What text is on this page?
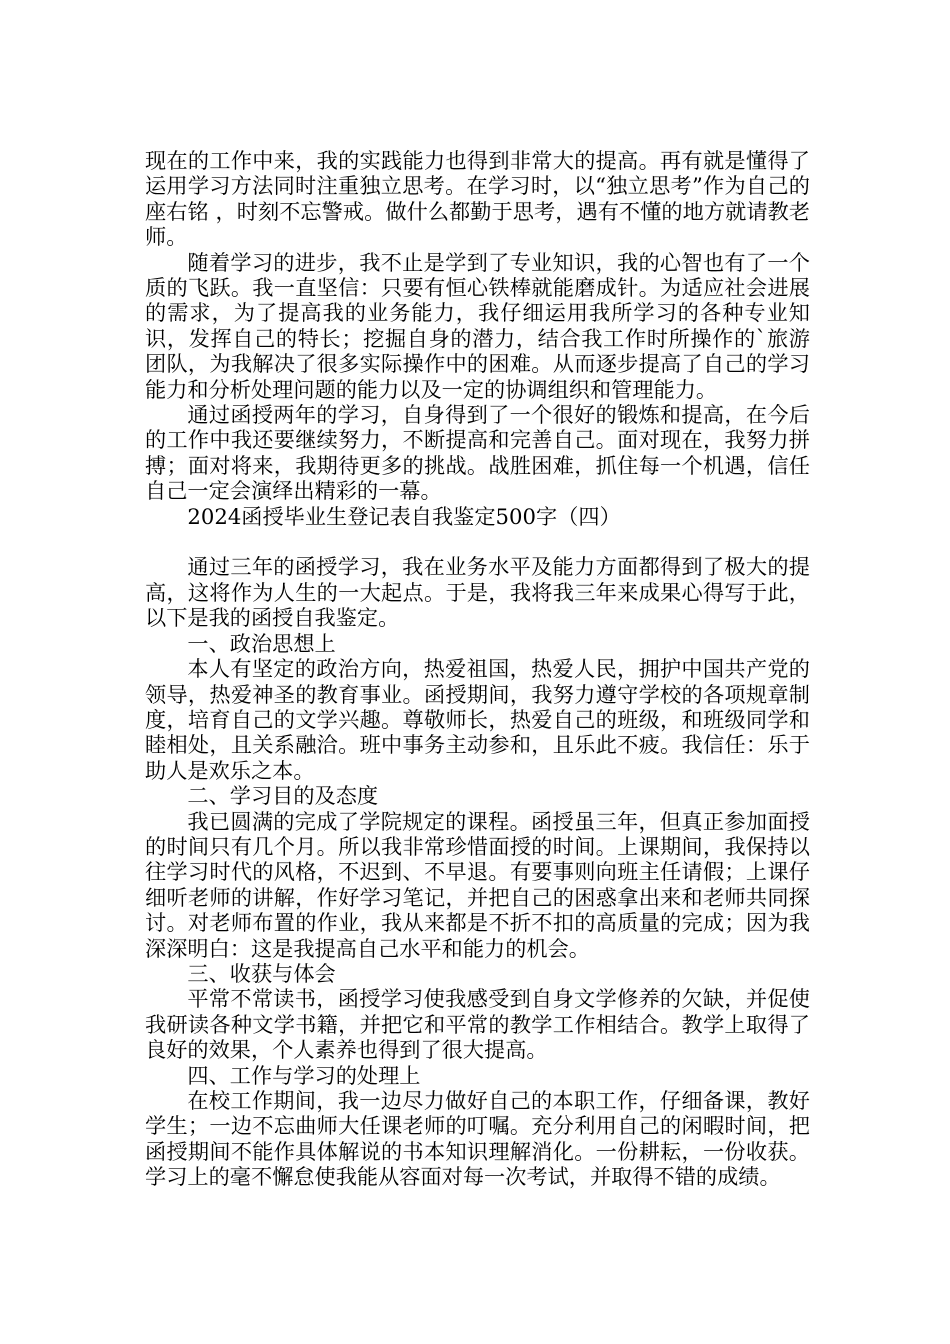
现在的工作中来，我的实践能力也得到非常大的提高。再有就是懂得了运用学习方法同时注重独立思考。在学习时，以“独立思考”作为自己的座右铭 ，时刻不忘警戒。做什么都勤于思考，遇有不懂的地方就请教老师。

随着学习的进步，我不止是学到了专业知识，我的心智也有了一个质的飞跃。我一直坚信：只要有恒心铁棒就能磨成针。为适应社会进展的需求，为了提高我的业务能力，我仔细运用我所学习的各种专业知识，发挥自己的特长；挖掘自身的潜力，结合我工作时所操作的`旅游团队，为我解决了很多实际操作中的困难。从而逐步提高了自己的学习能力和分析处理问题的能力以及一定的协调组织和管理能力。

通过函授两年的学习，自身得到了一个很好的锻炼和提高，在今后的工作中我还要继续努力，不断提高和完善自己。面对现在，我努力拼搏；面对将来，我期待更多的挑战。战胜困难，抓住每一个机遇，信任自己一定会演绎出精彩的一幕。

2024函授毕业生登记表自我鉴定500字（四）

通过三年的函授学习，我在业务水平及能力方面都得到了极大的提高，这将作为人生的一大起点。于是，我将我三年来成果心得写于此，以下是我的函授自我鉴定。

一、政治思想上

本人有坚定的政治方向，热爱祖国，热爱人民，拥护中国共产党的领导，热爱神圣的教育事业。函授期间，我努力遵守学校的各项规章制度，培育自己的文学兴趣。尊敬师长，热爱自己的班级，和班级同学和睦相处，且关系融洽。班中事务主动参和，且乐此不疲。我信任：乐于助人是欢乐之本。

二、学习目的及态度

我已圆满的完成了学院规定的课程。函授虽三年，但真正参加面授的时间只有几个月。所以我非常珍惜面授的时间。上课期间，我保持以往学习时代的风格，不迟到、不早退。有要事则向班主任请假；上课仔细听老师的讲解，作好学习笔记，并把自己的困惑拿出来和老师共同探讨。对老师布置的作业，我从来都是不折不扣的高质量的完成；因为我深深明白：这是我提高自己水平和能力的机会。

三、收获与体会

平常不常读书，函授学习使我感受到自身文学修养的欠缺，并促使我研读各种文学书籍，并把它和平常的教学工作相结合。教学上取得了良好的效果，个人素养也得到了很大提高。

四、工作与学习的处理上

在校工作期间，我一边尽力做好自己的本职工作，仔细备课，教好学生；一边不忘曲师大任课老师的叮嘱。充分利用自己的闲暇时间，把函授期间不能作具体解说的书本知识理解消化。一份耕耘，一份收获。学习上的毫不懈怠使我能从容面对每一次考试，并取得不错的成绩。
